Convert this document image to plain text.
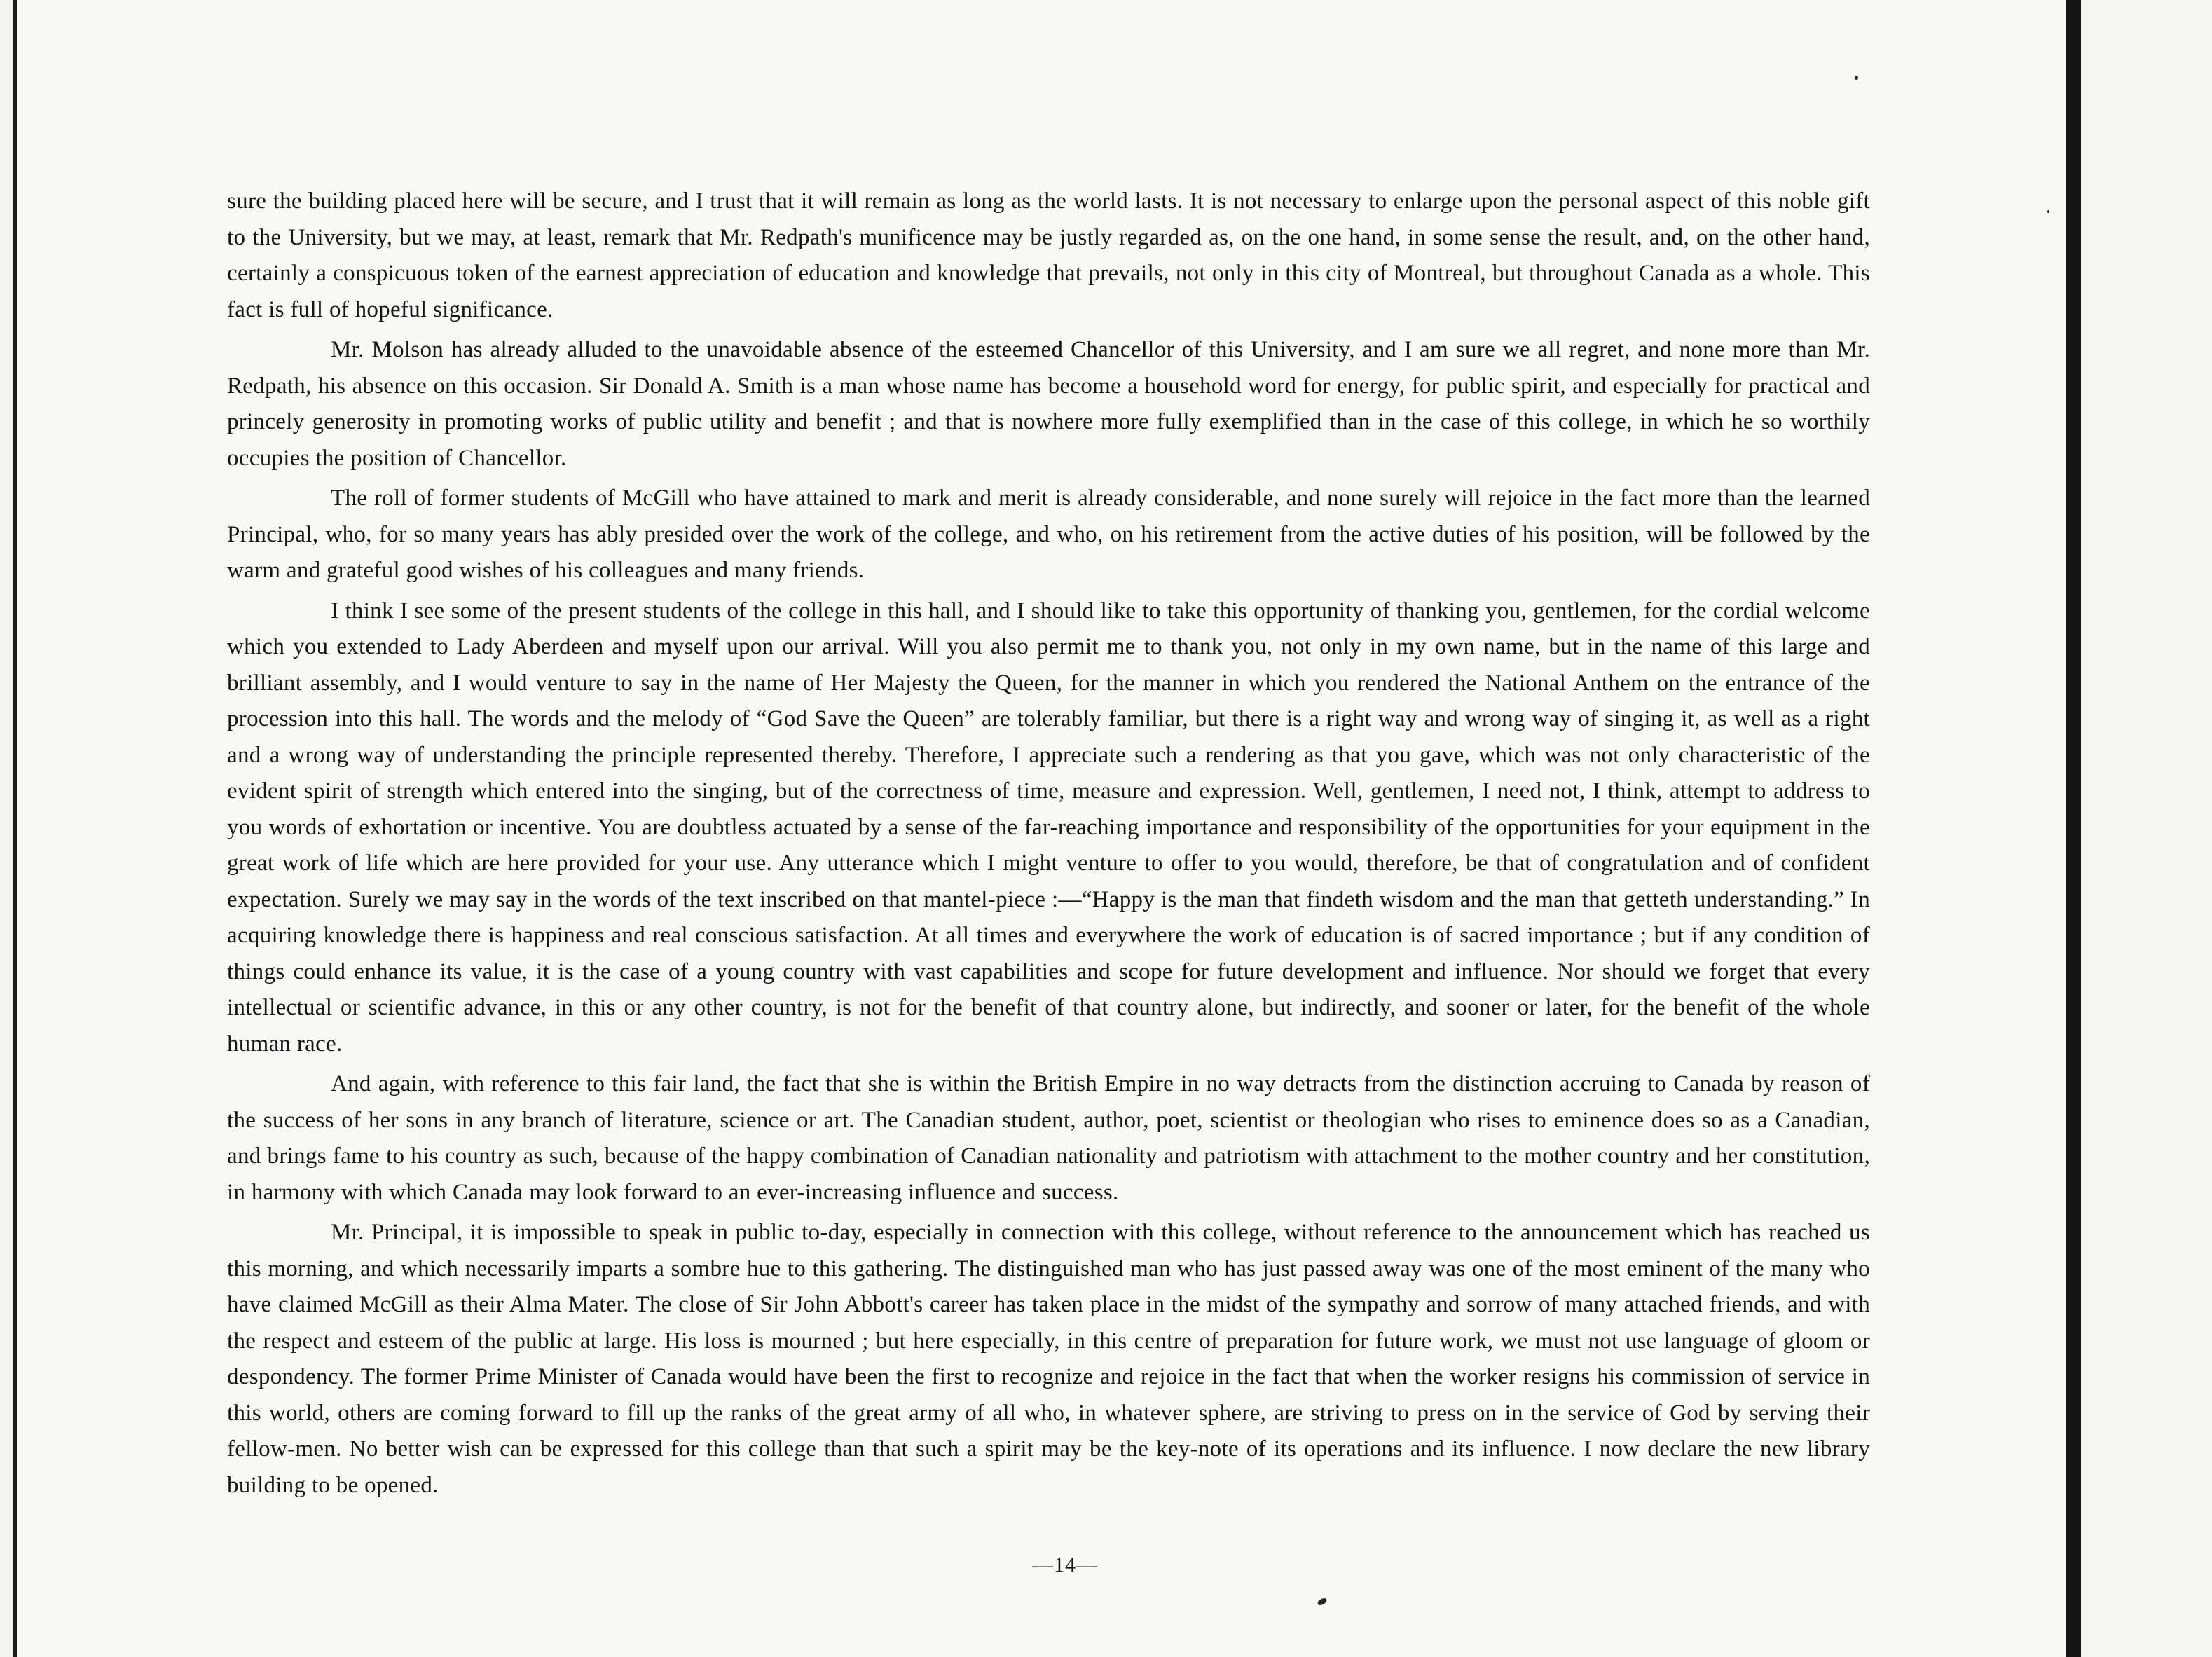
sure the building placed here will be secure, and I trust that it will remain as long as the world lasts. It is not necessary to enlarge upon the personal aspect of this noble gift to the University, but we may, at least, remark that Mr. Redpath's munificence may be justly regarded as, on the one hand, in some sense the result, and, on the other hand, certainly a conspicuous token of the earnest appreciation of education and knowledge that prevails, not only in this city of Montreal, but throughout Canada as a whole. This fact is full of hopeful significance.

Mr. Molson has already alluded to the unavoidable absence of the esteemed Chancellor of this University, and I am sure we all regret, and none more than Mr. Redpath, his absence on this occasion. Sir Donald A. Smith is a man whose name has become a household word for energy, for public spirit, and especially for practical and princely generosity in promoting works of public utility and benefit ; and that is nowhere more fully exemplified than in the case of this college, in which he so worthily occupies the position of Chancellor.

The roll of former students of McGill who have attained to mark and merit is already considerable, and none surely will rejoice in the fact more than the learned Principal, who, for so many years has ably presided over the work of the college, and who, on his retirement from the active duties of his position, will be followed by the warm and grateful good wishes of his colleagues and many friends.

I think I see some of the present students of the college in this hall, and I should like to take this opportunity of thanking you, gentlemen, for the cordial welcome which you extended to Lady Aberdeen and myself upon our arrival. Will you also permit me to thank you, not only in my own name, but in the name of this large and brilliant assembly, and I would venture to say in the name of Her Majesty the Queen, for the manner in which you rendered the National Anthem on the entrance of the procession into this hall. The words and the melody of “God Save the Queen” are tolerably familiar, but there is a right way and wrong way of singing it, as well as a right and a wrong way of understanding the principle represented thereby. Therefore, I appreciate such a rendering as that you gave, which was not only characteristic of the evident spirit of strength which entered into the singing, but of the correctness of time, measure and expression. Well, gentlemen, I need not, I think, attempt to address to you words of exhortation or incentive. You are doubtless actuated by a sense of the far-reaching importance and responsibility of the opportunities for your equipment in the great work of life which are here provided for your use. Any utterance which I might venture to offer to you would, therefore, be that of congratulation and of confident expectation. Surely we may say in the words of the text inscribed on that mantel-piece :—“Happy is the man that findeth wisdom and the man that getteth understanding.” In acquiring knowledge there is happiness and real conscious satisfaction. At all times and everywhere the work of education is of sacred importance ; but if any condition of things could enhance its value, it is the case of a young country with vast capabilities and scope for future development and influence. Nor should we forget that every intellectual or scientific advance, in this or any other country, is not for the benefit of that country alone, but indirectly, and sooner or later, for the benefit of the whole human race.

And again, with reference to this fair land, the fact that she is within the British Empire in no way detracts from the distinction accruing to Canada by reason of the success of her sons in any branch of literature, science or art. The Canadian student, author, poet, scientist or theologian who rises to eminence does so as a Canadian, and brings fame to his country as such, because of the happy combination of Canadian nationality and patriotism with attachment to the mother country and her constitution, in harmony with which Canada may look forward to an ever-increasing influence and success.

Mr. Principal, it is impossible to speak in public to-day, especially in connection with this college, without reference to the announcement which has reached us this morning, and which necessarily imparts a sombre hue to this gathering. The distinguished man who has just passed away was one of the most eminent of the many who have claimed McGill as their Alma Mater. The close of Sir John Abbott's career has taken place in the midst of the sympathy and sorrow of many attached friends, and with the respect and esteem of the public at large. His loss is mourned ; but here especially, in this centre of preparation for future work, we must not use language of gloom or despondency. The former Prime Minister of Canada would have been the first to recognize and rejoice in the fact that when the worker resigns his commission of service in this world, others are coming forward to fill up the ranks of the great army of all who, in whatever sphere, are striving to press on in the service of God by serving their fellow-men. No better wish can be expressed for this college than that such a spirit may be the key-note of its operations and its influence. I now declare the new library building to be opened.

—14—
